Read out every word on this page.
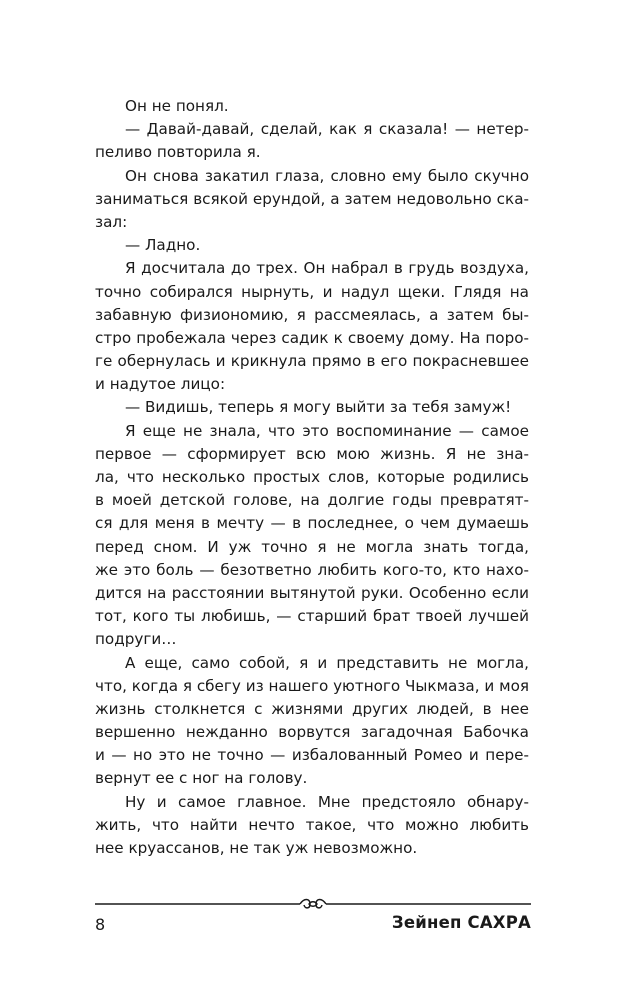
Он не понял.
— Давай-давай, сделай, как я сказала! — нетер-
пеливо повторила я.
Он снова закатил глаза, словно ему было скучно
заниматься всякой ерундой, а затем недовольно ска-
зал:
— Ладно.
Я досчитала до трех. Он набрал в грудь воздуха,
точно собирался нырнуть, и надул щеки. Глядя на
забавную физиономию, я рассмеялась, а затем бы-
стро пробежала через садик к своему дому. На поро-
ге обернулась и крикнула прямо в его покрасневшее
и надутое лицо:
— Видишь, теперь я могу выйти за тебя замуж!
Я еще не знала, что это воспоминание — самое
первое — сформирует всю мою жизнь. Я не зна-
ла, что несколько простых слов, которые родились
в моей детской голове, на долгие годы превратят-
ся для меня в мечту — в последнее, о чем думаешь
перед сном. И уж точно я не могла знать тогда,
же это боль — безответно любить кого-то, кто нахо-
дится на расстоянии вытянутой руки. Особенно если
тот, кого ты любишь, — старший брат твоей лучшей
подруги…
А еще, само собой, я и представить не могла,
что, когда я сбегу из нашего уютного Чыкмаза, и моя
жизнь столкнется с жизнями других людей, в нее
вершенно нежданно ворвутся загадочная Бабочка
и — но это не точно — избалованный Ромео и пере-
вернут ее с ног на голову.
Ну и самое главное. Мне предстояло обнару-
жить, что найти нечто такое, что можно любить
нее круассанов, не так уж невозможно.
8	Зейнеп САХРА
